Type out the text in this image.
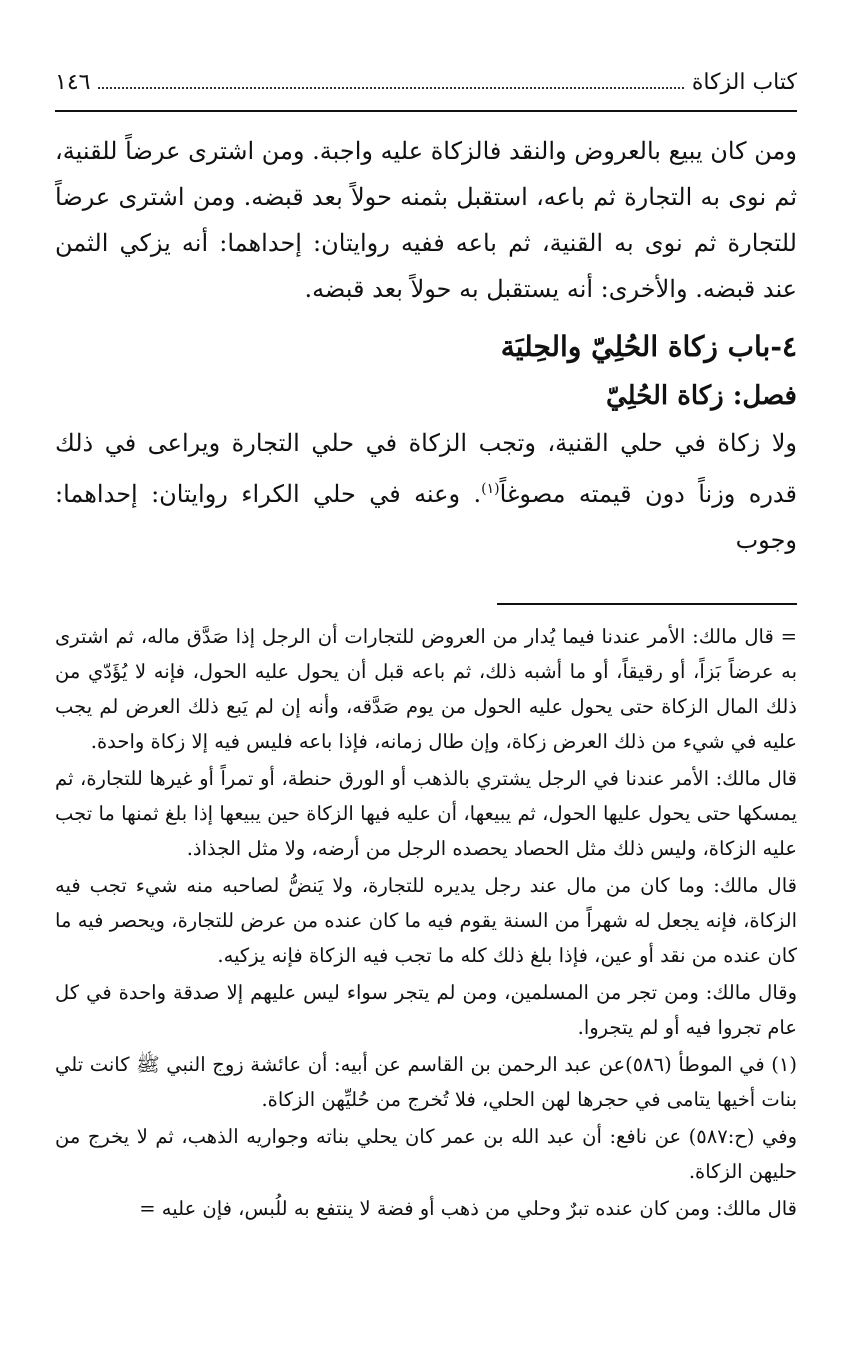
كتاب الزكاة
١٤٦

ومن كان يبيع بالعروض والنقد فالزكاة عليه واجبة. ومن اشترى عرضاً للقنية، ثم نوى به التجارة ثم باعه، استقبل بثمنه حولاً بعد قبضه. ومن اشترى عرضاً للتجارة ثم نوى به القنية، ثم باعه ففيه روايتان: إحداهما: أنه يزكي الثمن عند قبضه. والأخرى: أنه يستقبل به حولاً بعد قبضه.

٤-باب زكاة الحُلِيّ والحِليَة
فصل: زكاة الحُلِيّ

ولا زكاة في حلي القنية، وتجب الزكاة في حلي التجارة ويراعى في ذلك قدره وزناً دون قيمته مصوغاً$^{(١)}$. وعنه في حلي الكراء روايتان: إحداهما: وجوب

= قال مالك: الأمر عندنا فيما يُدار من العروض للتجارات أن الرجل إذا صَدَّق ماله، ثم اشترى به عرضاً بَزاً، أو رقيقاً، أو ما أشبه ذلك، ثم باعه قبل أن يحول عليه الحول، فإنه لا يُؤَدّي من ذلك المال الزكاة حتى يحول عليه الحول من يوم صَدَّقه، وأنه إن لم يَبع ذلك العرض لم يجب عليه في شيء من ذلك العرض زكاة، وإن طال زمانه، فإذا باعه فليس فيه إلا زكاة واحدة.

قال مالك: الأمر عندنا في الرجل يشتري بالذهب أو الورق حنطة، أو تمراً أو غيرها للتجارة، ثم يمسكها حتى يحول عليها الحول، ثم يبيعها، أن عليه فيها الزكاة حين يبيعها إذا بلغ ثمنها ما تجب عليه الزكاة، وليس ذلك مثل الحصاد يحصده الرجل من أرضه، ولا مثل الجذاذ.

قال مالك: وما كان من مال عند رجل يديره للتجارة، ولا يَنضُّ لصاحبه منه شيء تجب فيه الزكاة، فإنه يجعل له شهراً من السنة يقوم فيه ما كان عنده من عرض للتجارة، ويحصر فيه ما كان عنده من نقد أو عين، فإذا بلغ ذلك كله ما تجب فيه الزكاة فإنه يزكيه.

وقال مالك: ومن تجر من المسلمين، ومن لم يتجر سواء ليس عليهم إلا صدقة واحدة في كل عام تجروا فيه أو لم يتجروا.

(١) في الموطأ (٥٨٦)عن عبد الرحمن بن القاسم عن أبيه: أن عائشة زوج النبي ﷺ كانت تلي بنات أخيها يتامى في حجرها لهن الحلي، فلا تُخرج من حُليِّهن الزكاة.

وفي (ح:٥٨٧) عن نافع: أن عبد الله بن عمر كان يحلي بناته وجواريه الذهب، ثم لا يخرج من حليهن الزكاة.

قال مالك: ومن كان عنده تبرٌ وحلي من ذهب أو فضة لا ينتفع به للُبس، فإن عليه =
